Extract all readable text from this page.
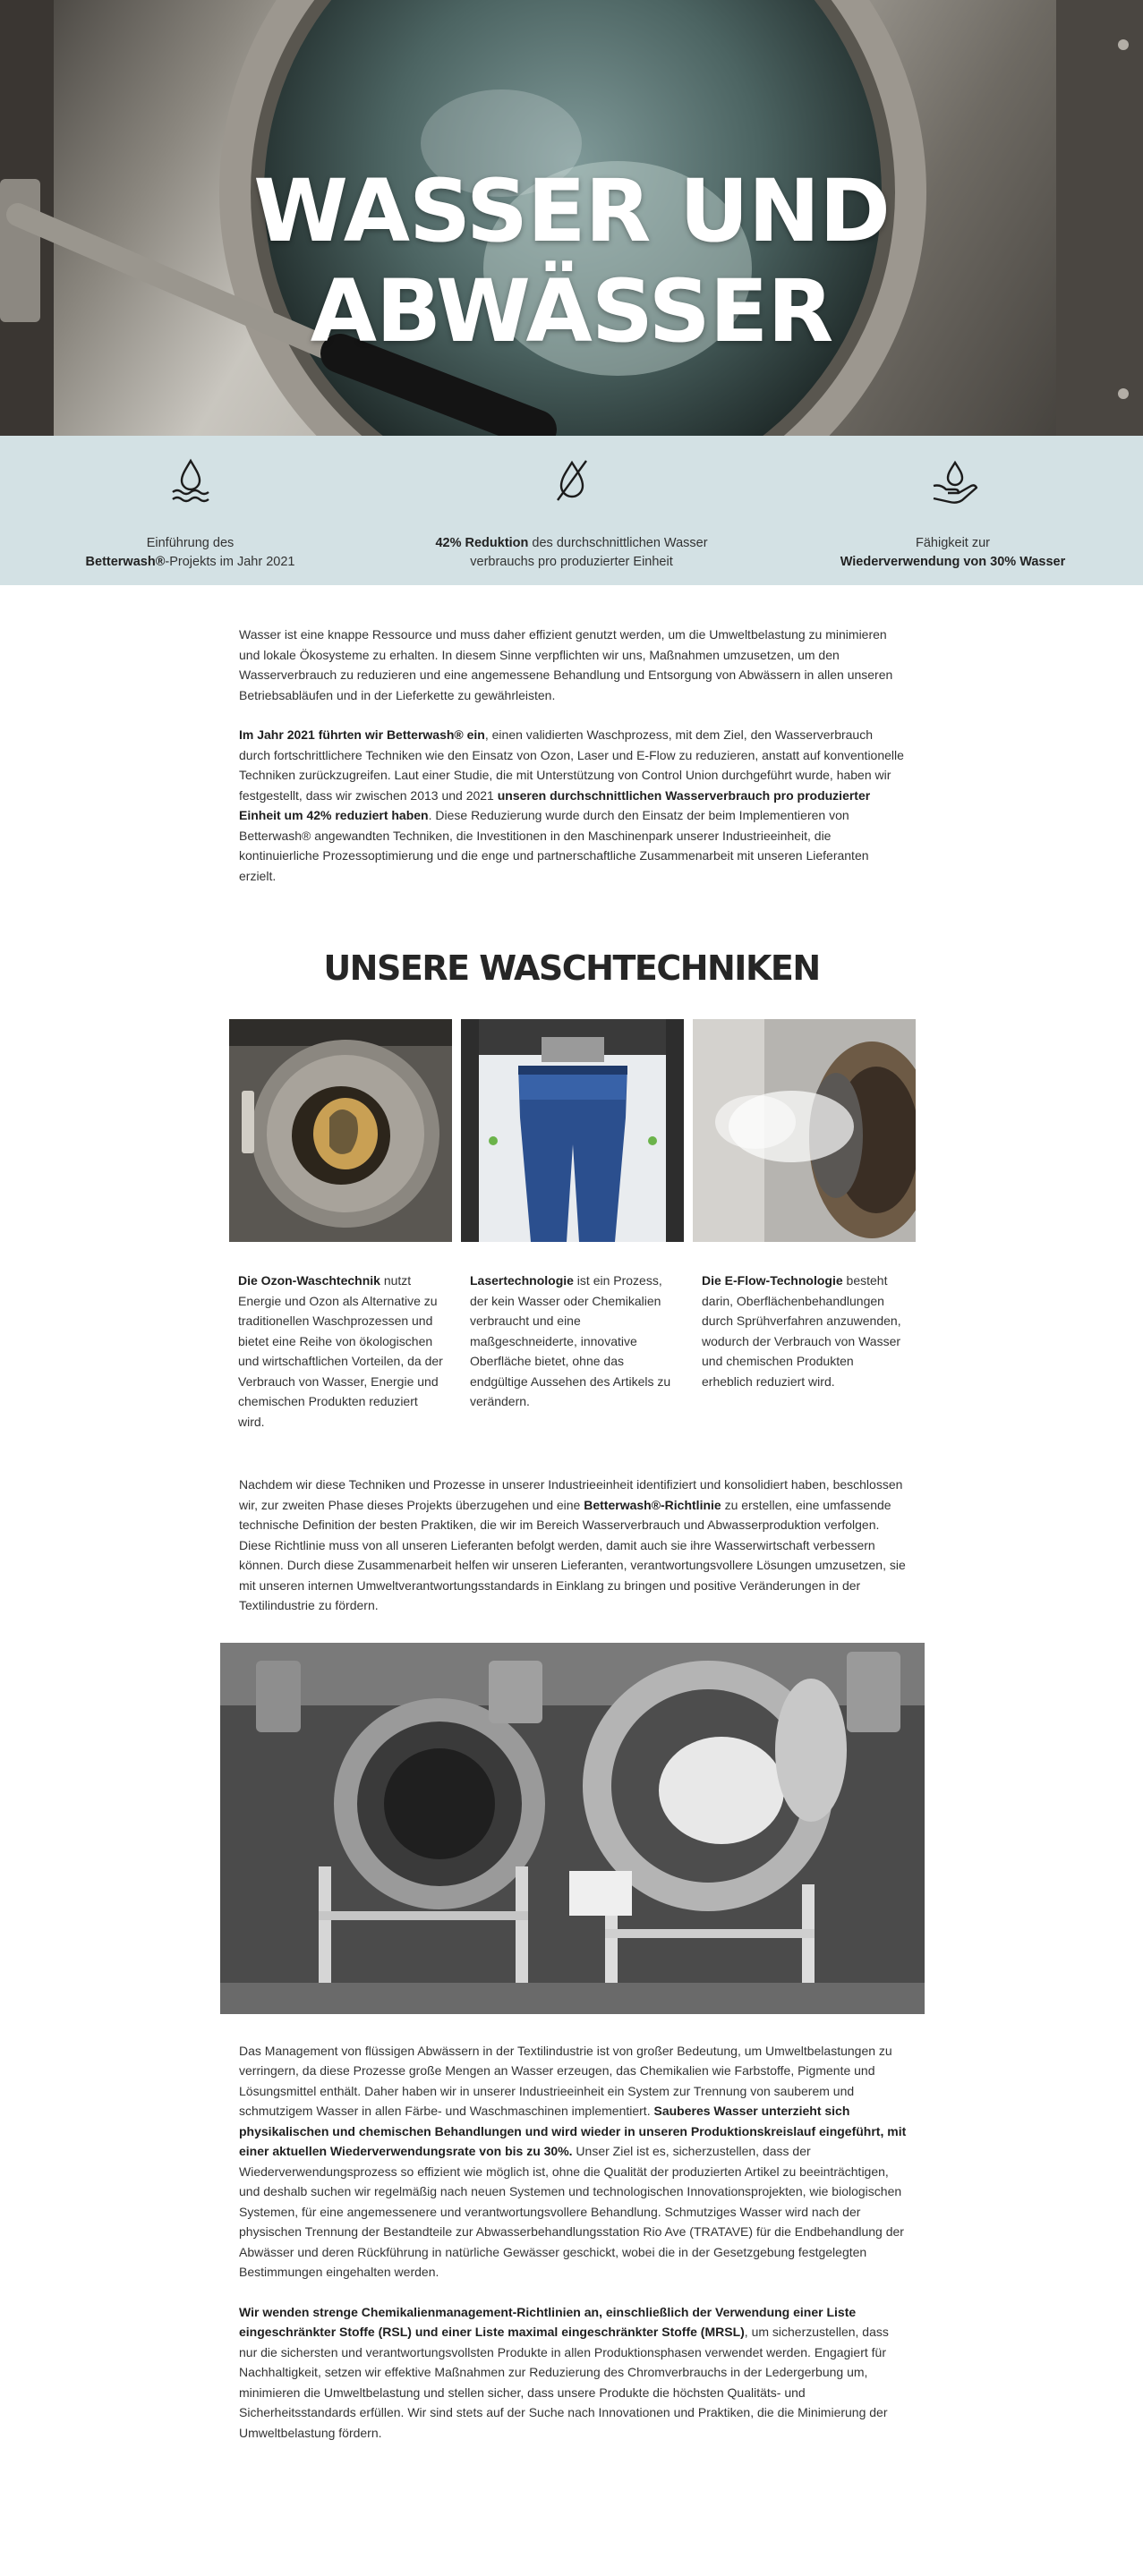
WASSER UND ABWÄSSER

Einführung des
Betterwash®-Projekts im Jahr 2021

42% Reduktion des durchschnittlichen Wasser
verbrauchs pro produzierter Einheit

Fähigkeit zur
Wiederverwendung von 30% Wasser

Wasser ist eine knappe Ressource und muss daher effizient genutzt werden, um die Umweltbelastung zu minimieren und lokale Ökosysteme zu erhalten. In diesem Sinne verpflichten wir uns, Maßnahmen umzusetzen, um den Wasserverbrauch zu reduzieren und eine angemessene Behandlung und Entsorgung von Abwässern in allen unseren Betriebsabläufen und in der Lieferkette zu gewährleisten.

Im Jahr 2021 führten wir Betterwash® ein, einen validierten Waschprozess, mit dem Ziel, den Wasserverbrauch durch fortschrittlichere Techniken wie den Einsatz von Ozon, Laser und E-Flow zu reduzieren, anstatt auf konventionelle Techniken zurückzugreifen. Laut einer Studie, die mit Unterstützung von Control Union durchgeführt wurde, haben wir festgestellt, dass wir zwischen 2013 und 2021 unseren durchschnittlichen Wasserverbrauch pro produzierter Einheit um 42% reduziert haben. Diese Reduzierung wurde durch den Einsatz der beim Implementieren von Betterwash® angewandten Techniken, die Investitionen in den Maschinenpark unserer Industrieeinheit, die kontinuierliche Prozessoptimierung und die enge und partnerschaftliche Zusammenarbeit mit unseren Lieferanten erzielt.

UNSERE WASCHTECHNIKEN

Die Ozon-Waschtechnik nutzt Energie und Ozon als Alternative zu traditionellen Waschprozessen und bietet eine Reihe von ökologischen und wirtschaftlichen Vorteilen, da der Verbrauch von Wasser, Energie und chemischen Produkten reduziert wird.

Lasertechnologie ist ein Prozess, der kein Wasser oder Chemikalien verbraucht und eine maßgeschneiderte, innovative Oberfläche bietet, ohne das endgültige Aussehen des Artikels zu verändern.

Die E-Flow-Technologie besteht darin, Oberflächenbehandlungen durch Sprühverfahren anzuwenden, wodurch der Verbrauch von Wasser und chemischen Produkten erheblich reduziert wird.

Nachdem wir diese Techniken und Prozesse in unserer Industrieeinheit identifiziert und konsolidiert haben, beschlossen wir, zur zweiten Phase dieses Projekts überzugehen und eine Betterwash®-Richtlinie zu erstellen, eine umfassende technische Definition der besten Praktiken, die wir im Bereich Wasserverbrauch und Abwasserproduktion verfolgen. Diese Richtlinie muss von all unseren Lieferanten befolgt werden, damit auch sie ihre Wasserwirtschaft verbessern können. Durch diese Zusammenarbeit helfen wir unseren Lieferanten, verantwortungsvollere Lösungen umzusetzen, sie mit unseren internen Umweltverantwortungsstandards in Einklang zu bringen und positive Veränderungen in der Textilindustrie zu fördern.

Das Management von flüssigen Abwässern in der Textilindustrie ist von großer Bedeutung, um Umweltbelastungen zu verringern, da diese Prozesse große Mengen an Wasser erzeugen, das Chemikalien wie Farbstoffe, Pigmente und Lösungsmittel enthält. Daher haben wir in unserer Industrieeinheit ein System zur Trennung von sauberem und schmutzigem Wasser in allen Färbe- und Waschmaschinen implementiert. Sauberes Wasser unterzieht sich physikalischen und chemischen Behandlungen und wird wieder in unseren Produktionskreislauf eingeführt, mit einer aktuellen Wiederverwendungsrate von bis zu 30%. Unser Ziel ist es, sicherzustellen, dass der Wiederverwendungsprozess so effizient wie möglich ist, ohne die Qualität der produzierten Artikel zu beeinträchtigen, und deshalb suchen wir regelmäßig nach neuen Systemen und technologischen Innovationsprojekten, wie biologischen Systemen, für eine angemessenere und verantwortungsvollere Behandlung. Schmutziges Wasser wird nach der physischen Trennung der Bestandteile zur Abwasserbehandlungsstation Rio Ave (TRATAVE) für die Endbehandlung der Abwässer und deren Rückführung in natürliche Gewässer geschickt, wobei die in der Gesetzgebung festgelegten Bestimmungen eingehalten werden.

Wir wenden strenge Chemikalienmanagement-Richtlinien an, einschließlich der Verwendung einer Liste eingeschränkter Stoffe (RSL) und einer Liste maximal eingeschränkter Stoffe (MRSL), um sicherzustellen, dass nur die sichersten und verantwortungsvollsten Produkte in allen Produktionsphasen verwendet werden. Engagiert für Nachhaltigkeit, setzen wir effektive Maßnahmen zur Reduzierung des Chromverbrauchs in der Ledergerbung um, minimieren die Umweltbelastung und stellen sicher, dass unsere Produkte die höchsten Qualitäts- und Sicherheitsstandards erfüllen. Wir sind stets auf der Suche nach Innovationen und Praktiken, die die Minimierung der Umweltbelastung fördern.
